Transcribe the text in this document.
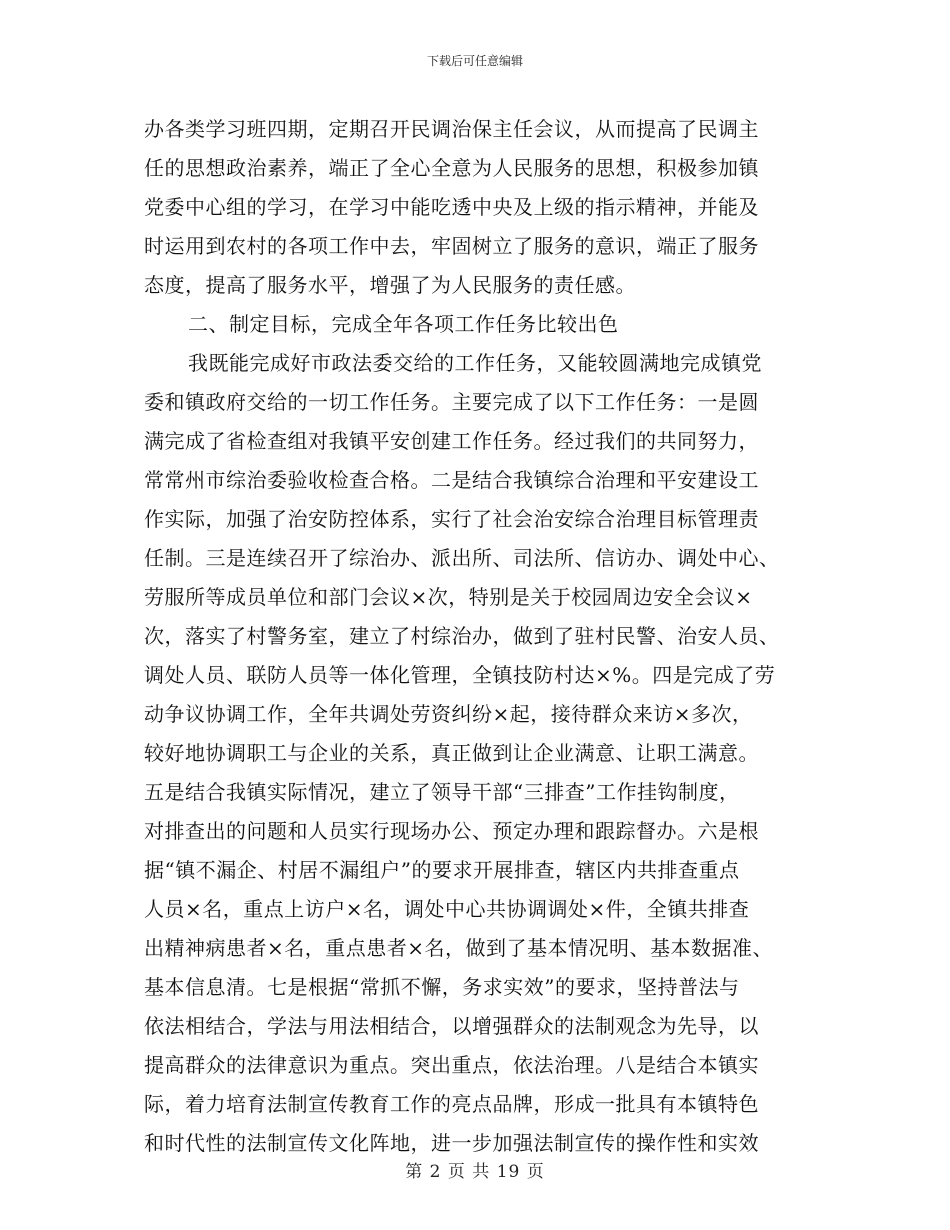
下载后可任意编辑
办各类学习班四期，定期召开民调治保主任会议，从而提高了民调主
任的思想政治素养，端正了全心全意为人民服务的思想，积极参加镇
党委中心组的学习，在学习中能吃透中央及上级的指示精神，并能及
时运用到农村的各项工作中去，牢固树立了服务的意识，端正了服务
态度，提高了服务水平，增强了为人民服务的责任感。
二、制定目标，完成全年各项工作任务比较出色
我既能完成好市政法委交给的工作任务，又能较圆满地完成镇党
委和镇政府交给的一切工作任务。主要完成了以下工作任务：一是圆
满完成了省检查组对我镇平安创建工作任务。经过我们的共同努力，
常常州市综治委验收检查合格。二是结合我镇综合治理和平安建设工
作实际，加强了治安防控体系，实行了社会治安综合治理目标管理责
任制。三是连续召开了综治办、派出所、司法所、信访办、调处中心、
劳服所等成员单位和部门会议×次，特别是关于校园周边安全会议×
次，落实了村警务室，建立了村综治办，做到了驻村民警、治安人员、
调处人员、联防人员等一体化管理，全镇技防村达×%。四是完成了劳
动争议协调工作，全年共调处劳资纠纷×起，接待群众来访×多次，
较好地协调职工与企业的关系，真正做到让企业满意、让职工满意。
五是结合我镇实际情况，建立了领导干部“三排查”工作挂钩制度，
对排查出的问题和人员实行现场办公、预定办理和跟踪督办。六是根
据“镇不漏企、村居不漏组户”的要求开展排查，辖区内共排查重点
人员×名，重点上访户×名，调处中心共协调调处×件，全镇共排查
出精神病患者×名，重点患者×名，做到了基本情况明、基本数据准、
基本信息清。七是根据“常抓不懈，务求实效”的要求，坚持普法与
依法相结合，学法与用法相结合，以增强群众的法制观念为先导，以
提高群众的法律意识为重点。突出重点，依法治理。八是结合本镇实
际，着力培育法制宣传教育工作的亮点品牌，形成一批具有本镇特色
和时代性的法制宣传文化阵地，进一步加强法制宣传的操作性和实效
第 2 页 共 19 页
